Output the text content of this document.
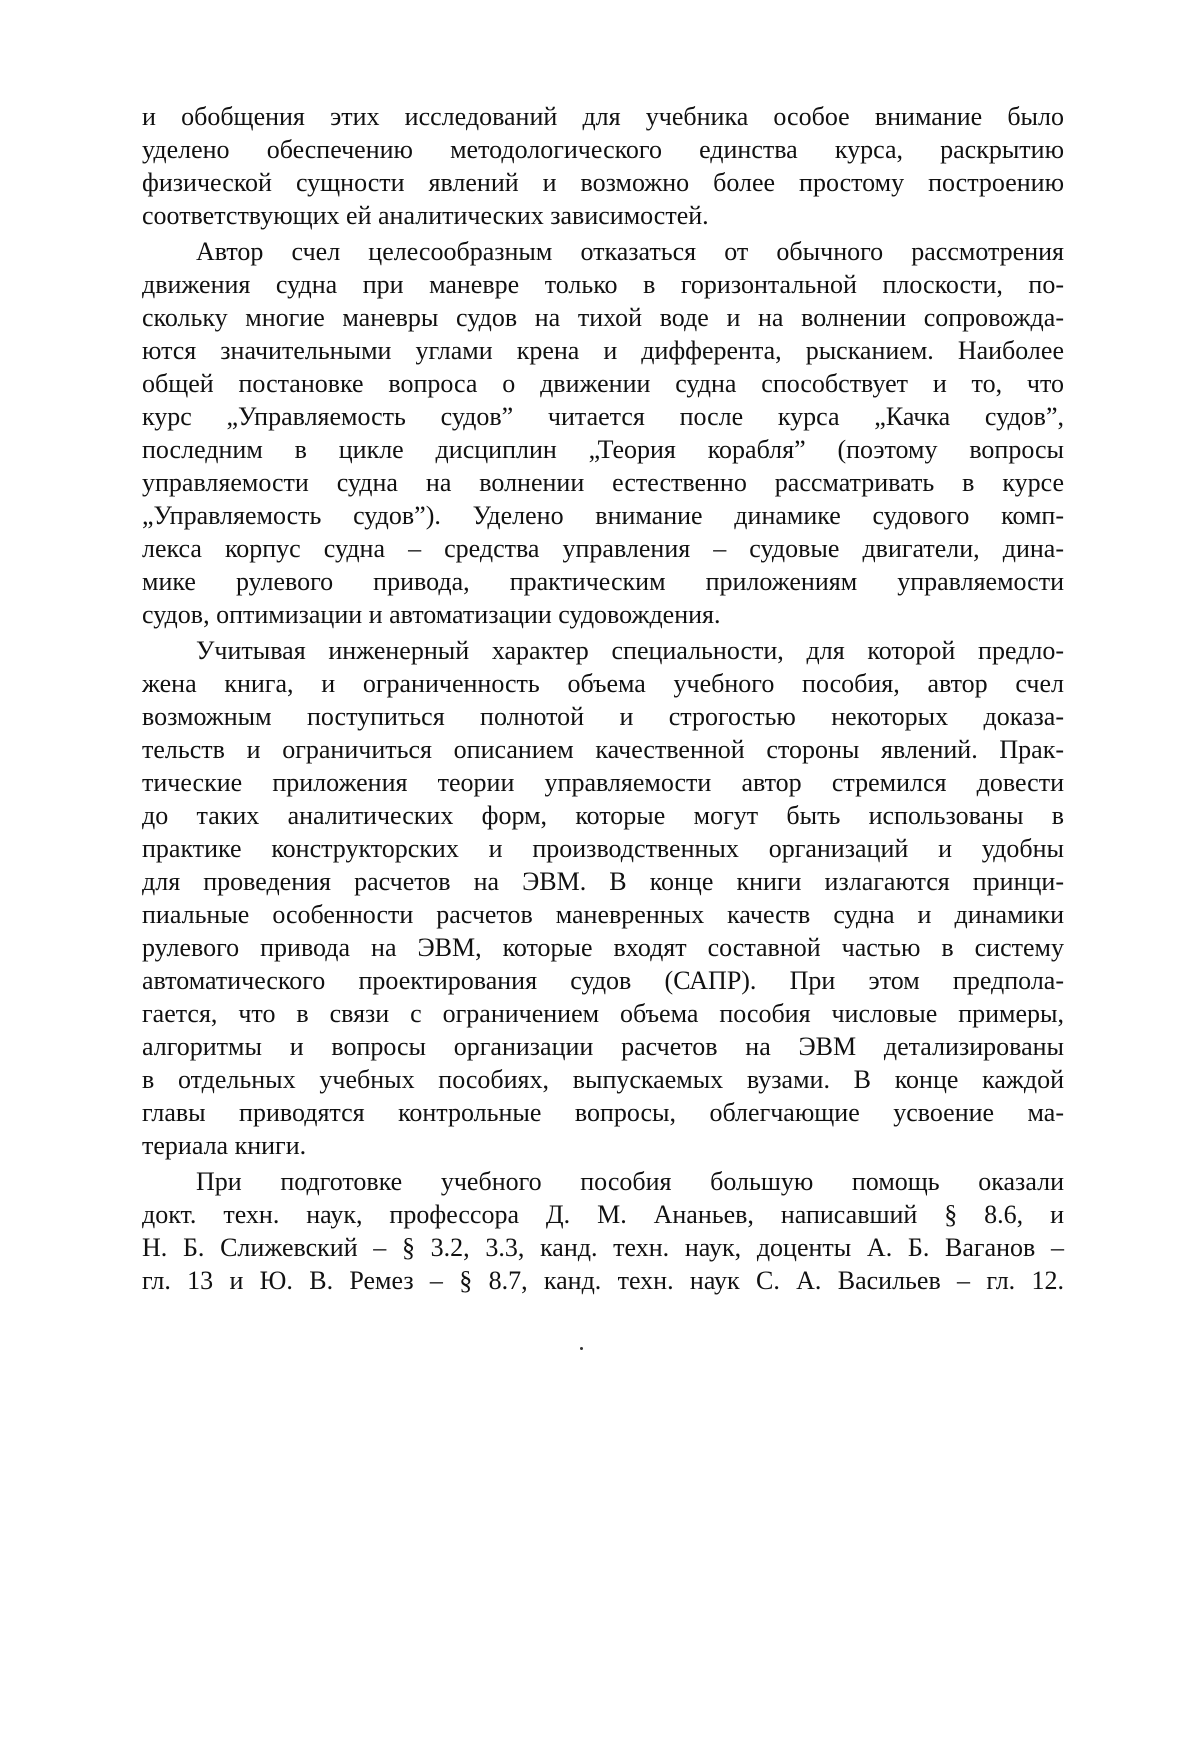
и обобщения этих исследований для учебника особое внимание было
уделено обеспечению методологического единства курса, раскрытию
физической сущности явлений и возможно более простому построению
соответствующих ей аналитических зависимостей.
Автор счел целесообразным отказаться от обычного рассмотрения
движения судна при маневре только в горизонтальной плоскости, по-
скольку многие маневры судов на тихой воде и на волнении сопровожда-
ются значительными углами крена и дифферента, рысканием. Наиболее
общей постановке вопроса о движении судна способствует и то, что
курс „Управляемость судов” читается после курса „Качка судов”,
последним в цикле дисциплин „Теория корабля” (поэтому вопросы
управляемости судна на волнении естественно рассматривать в курсе
„Управляемость судов”). Уделено внимание динамике судового комп-
лекса корпус судна – средства управления – судовые двигатели, дина-
мике рулевого привода, практическим приложениям управляемости
судов, оптимизации и автоматизации судовождения.
Учитывая инженерный характер специальности, для которой предло-
жена книга, и ограниченность объема учебного пособия, автор счел
возможным поступиться полнотой и строгостью некоторых доказа-
тельств и ограничиться описанием качественной стороны явлений. Прак-
тические приложения теории управляемости автор стремился довести
до таких аналитических форм, которые могут быть использованы в
практике конструкторских и производственных организаций и удобны
для проведения расчетов на ЭВМ. В конце книги излагаются принци-
пиальные особенности расчетов маневренных качеств судна и динамики
рулевого привода на ЭВМ, которые входят составной частью в систему
автоматического проектирования судов (САПР). При этом предпола-
гается, что в связи с ограничением объема пособия числовые примеры,
алгоритмы и вопросы организации расчетов на ЭВМ детализированы
в отдельных учебных пособиях, выпускаемых вузами. В конце каждой
главы приводятся контрольные вопросы, облегчающие усвоение ма-
териала книги.
При подготовке учебного пособия большую помощь оказали
докт. техн. наук, профессора Д. М. Ананьев, написавший § 8.6, и
Н. Б. Слижевский – § 3.2, 3.3, канд. техн. наук, доценты А. Б. Ваганов –
гл. 13 и Ю. В. Ремез – § 8.7, канд. техн. наук С. А. Васильев – гл. 12.
